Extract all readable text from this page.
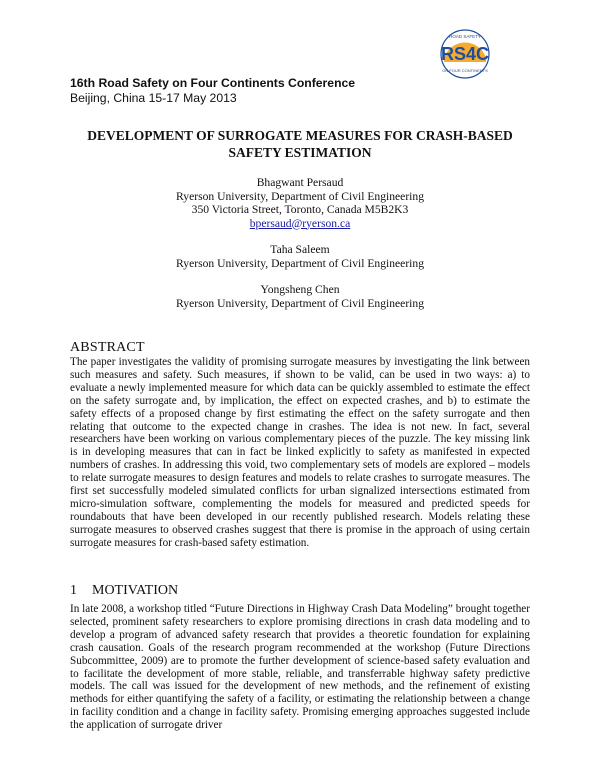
RS4C
ROAD SAFETY
ON FOUR CONTINENTS
16th Road Safety on Four Continents Conference
Beijing, China 15-17 May 2013
DEVELOPMENT OF SURROGATE MEASURES FOR CRASH-BASED SAFETY ESTIMATION
Bhagwant Persaud
Ryerson University, Department of Civil Engineering
350 Victoria Street, Toronto, Canada M5B2K3
bpersaud@ryerson.ca
Taha Saleem
Ryerson University, Department of Civil Engineering
Yongsheng Chen
Ryerson University, Department of Civil Engineering
ABSTRACT
The paper investigates the validity of promising surrogate measures by investigating the link between such measures and safety. Such measures, if shown to be valid, can be used in two ways: a) to evaluate a newly implemented measure for which data can be quickly assembled to estimate the effect on the safety surrogate and, by implication, the effect on expected crashes, and b) to estimate the safety effects of a proposed change by first estimating the effect on the safety surrogate and then relating that outcome to the expected change in crashes. The idea is not new. In fact, several researchers have been working on various complementary pieces of the puzzle. The key missing link is in developing measures that can in fact be linked explicitly to safety as manifested in expected numbers of crashes. In addressing this void, two complementary sets of models are explored – models to relate surrogate measures to design features and models to relate crashes to surrogate measures. The first set successfully modeled simulated conflicts for urban signalized intersections estimated from micro-simulation software, complementing the models for measured and predicted speeds for roundabouts that have been developed in our recently published research. Models relating these surrogate measures to observed crashes suggest that there is promise in the approach of using certain surrogate measures for crash-based safety estimation.
1 MOTIVATION
In late 2008, a workshop titled “Future Directions in Highway Crash Data Modeling” brought together selected, prominent safety researchers to explore promising directions in crash data modeling and to develop a program of advanced safety research that provides a theoretic foundation for explaining crash causation. Goals of the research program recommended at the workshop (Future Directions Subcommittee, 2009) are to promote the further development of science-based safety evaluation and to facilitate the development of more stable, reliable, and transferrable highway safety predictive models. The call was issued for the development of new methods, and the refinement of existing methods for either quantifying the safety of a facility, or estimating the relationship between a change in facility condition and a change in facility safety. Promising emerging approaches suggested include the application of surrogate driver
